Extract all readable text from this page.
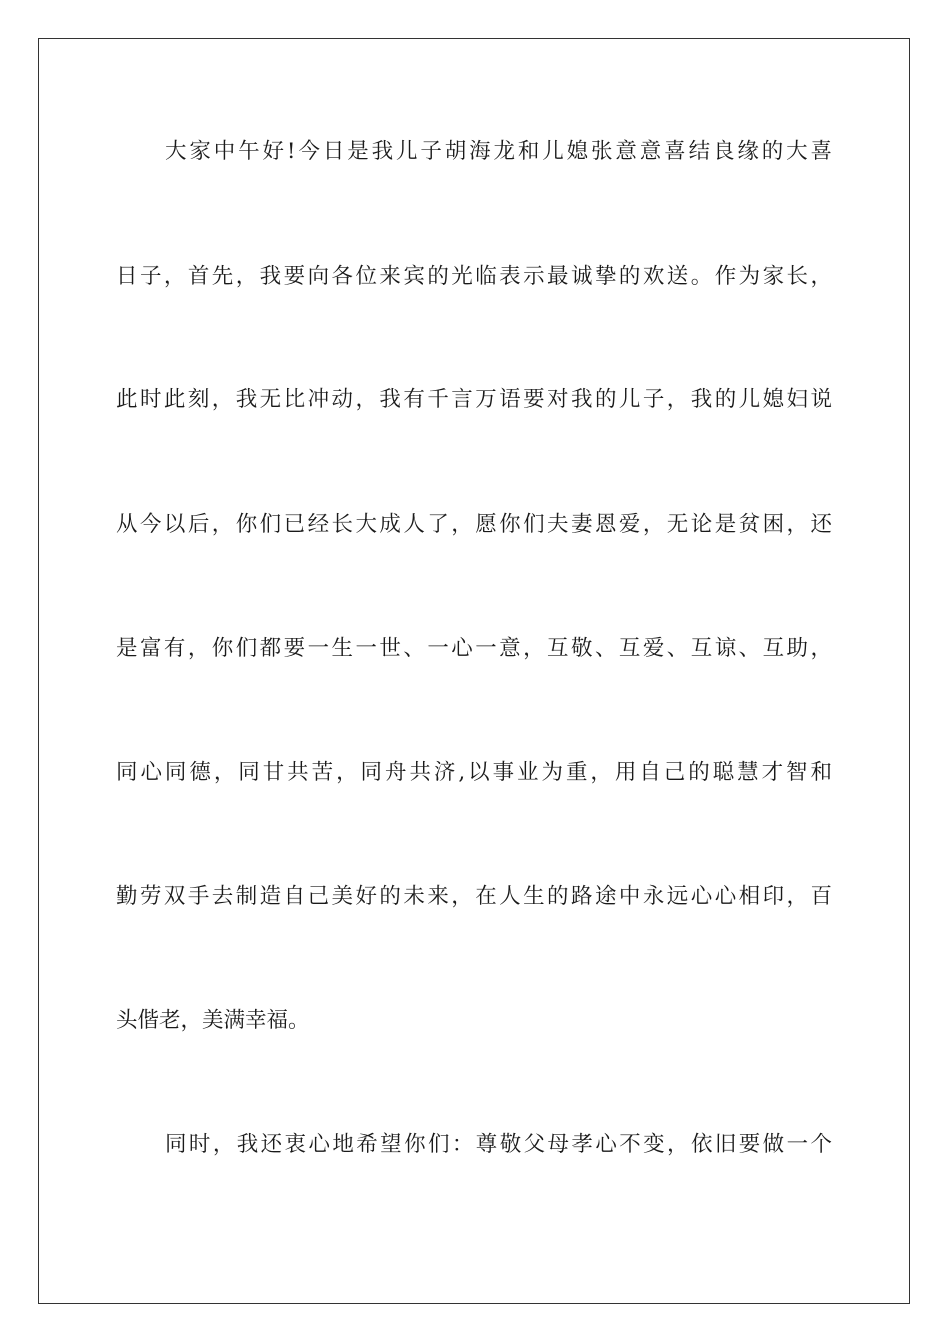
大家中午好!今日是我儿子胡海龙和儿媳张意意喜结良缘的大喜
日子，首先，我要向各位来宾的光临表示最诚挚的欢送。作为家长，
此时此刻，我无比冲动，我有千言万语要对我的儿子，我的儿媳妇说
从今以后，你们已经长大成人了，愿你们夫妻恩爱，无论是贫困，还
是富有，你们都要一生一世、一心一意，互敬、互爱、互谅、互助，
同心同德，同甘共苦，同舟共济,以事业为重，用自己的聪慧才智和
勤劳双手去制造自己美好的未来，在人生的路途中永远心心相印，百
头偕老，美满幸福。
同时，我还衷心地希望你们：尊敬父母孝心不变，依旧要做一个
